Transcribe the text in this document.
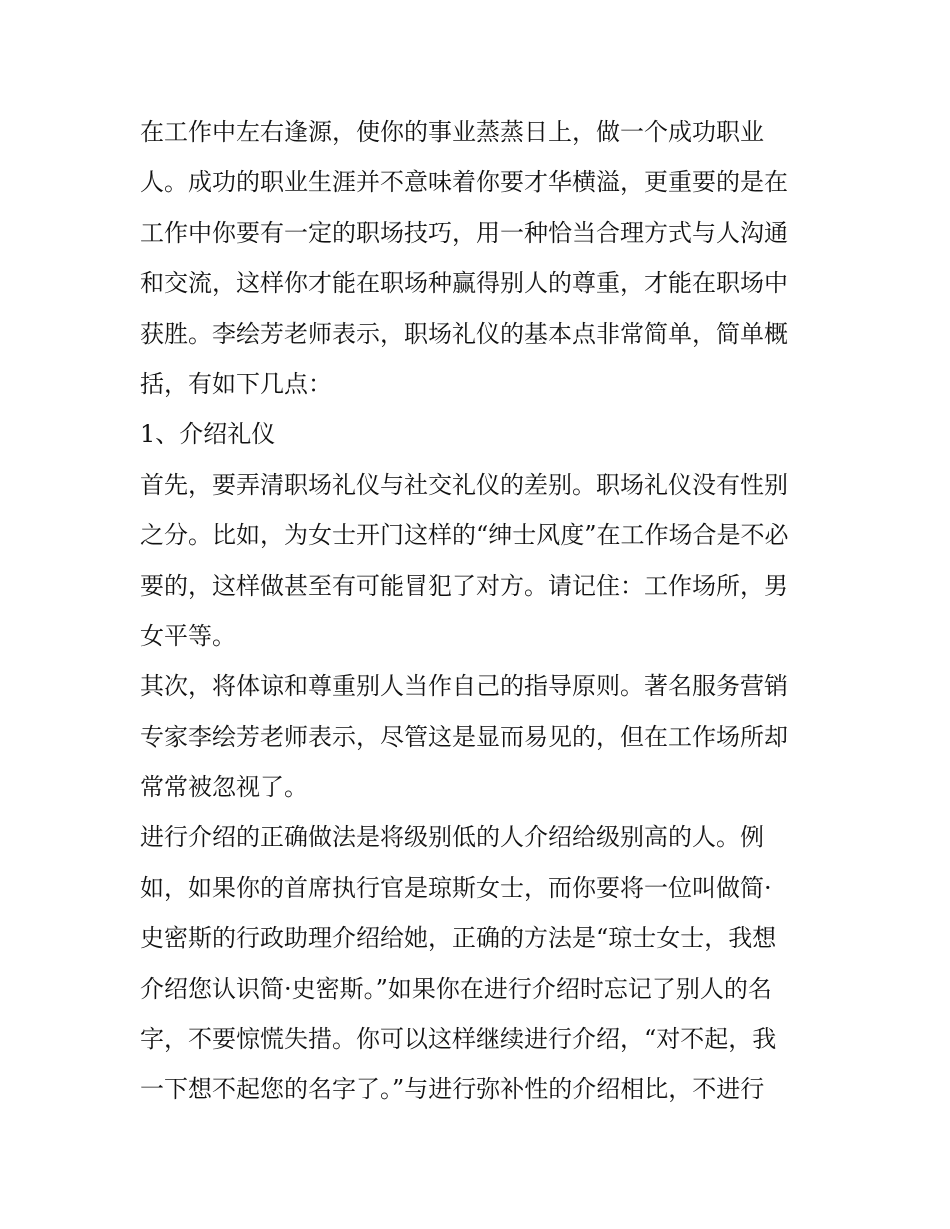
在工作中左右逢源，使你的事业蒸蒸日上，做一个成功职业
人。成功的职业生涯并不意味着你要才华横溢，更重要的是在
工作中你要有一定的职场技巧，用一种恰当合理方式与人沟通
和交流，这样你才能在职场种赢得别人的尊重，才能在职场中
获胜。李绘芳老师表示，职场礼仪的基本点非常简单，简单概
括，有如下几点：
1、介绍礼仪
首先，要弄清职场礼仪与社交礼仪的差别。职场礼仪没有性别
之分。比如，为女士开门这样的“绅士风度”在工作场合是不必
要的，这样做甚至有可能冒犯了对方。请记住：工作场所，男
女平等。
其次，将体谅和尊重别人当作自己的指导原则。著名服务营销
专家李绘芳老师表示，尽管这是显而易见的，但在工作场所却
常常被忽视了。
进行介绍的正确做法是将级别低的人介绍给级别高的人。例
如，如果你的首席执行官是琼斯女士，而你要将一位叫做简·
史密斯的行政助理介绍给她，正确的方法是“琼士女士，我想
介绍您认识简·史密斯。”如果你在进行介绍时忘记了别人的名
字，不要惊慌失措。你可以这样继续进行介绍，“对不起，我
一下想不起您的名字了。”与进行弥补性的介绍相比，不进行
